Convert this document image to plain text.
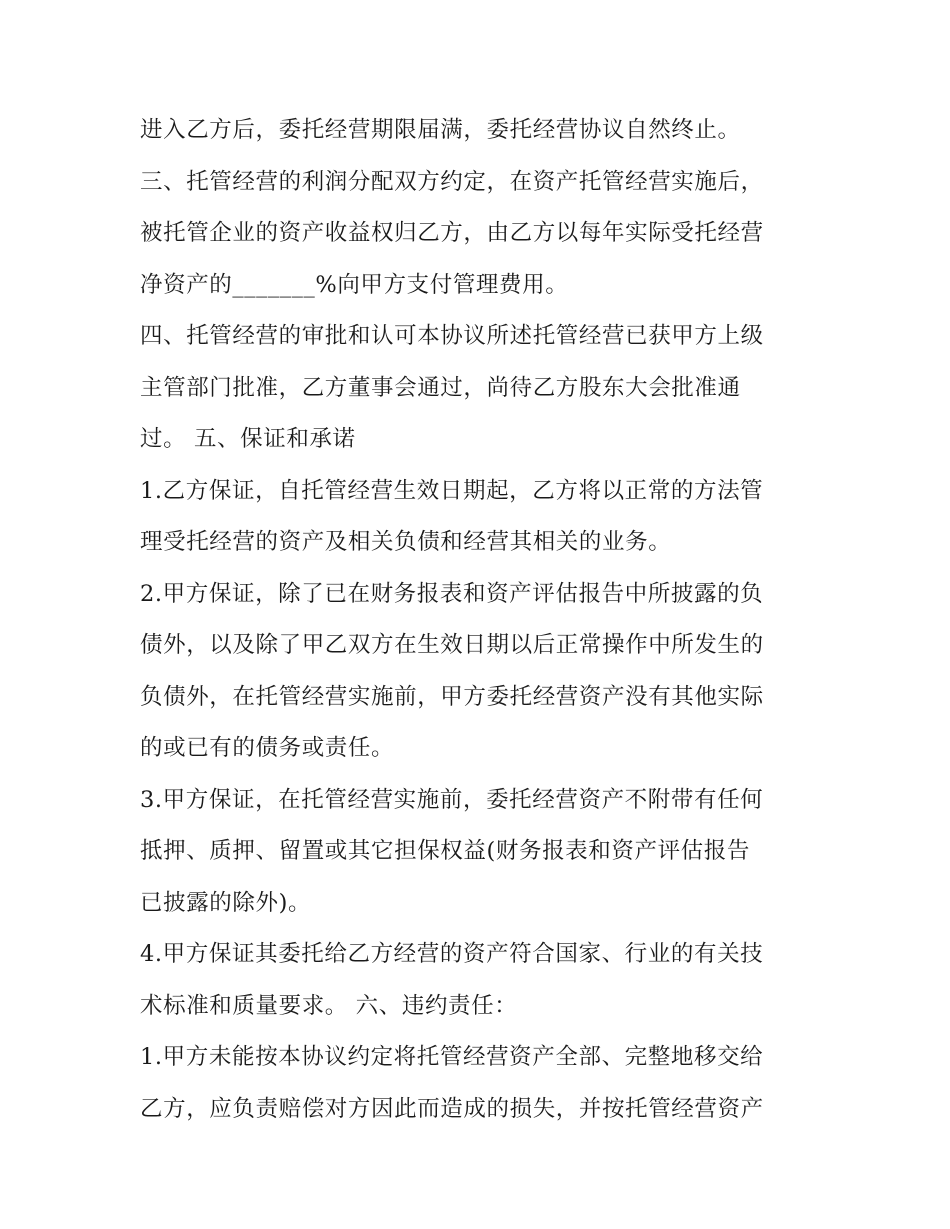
进入乙方后，委托经营期限届满，委托经营协议自然终止。
三、托管经营的利润分配双方约定，在资产托管经营实施后，
被托管企业的资产收益权归乙方，由乙方以每年实际受托经营
净资产的_______%向甲方支付管理费用。
四、托管经营的审批和认可本协议所述托管经营已获甲方上级
主管部门批准，乙方董事会通过，尚待乙方股东大会批准通
过。 五、保证和承诺
1.乙方保证，自托管经营生效日期起，乙方将以正常的方法管
理受托经营的资产及相关负债和经营其相关的业务。
2.甲方保证，除了已在财务报表和资产评估报告中所披露的负
债外，以及除了甲乙双方在生效日期以后正常操作中所发生的
负债外，在托管经营实施前，甲方委托经营资产没有其他实际
的或已有的债务或责任。
3.甲方保证，在托管经营实施前，委托经营资产不附带有任何
抵押、质押、留置或其它担保权益(财务报表和资产评估报告
已披露的除外)。
4.甲方保证其委托给乙方经营的资产符合国家、行业的有关技
术标准和质量要求。 六、违约责任：
1.甲方未能按本协议约定将托管经营资产全部、完整地移交给
乙方，应负责赔偿对方因此而造成的损失，并按托管经营资产
